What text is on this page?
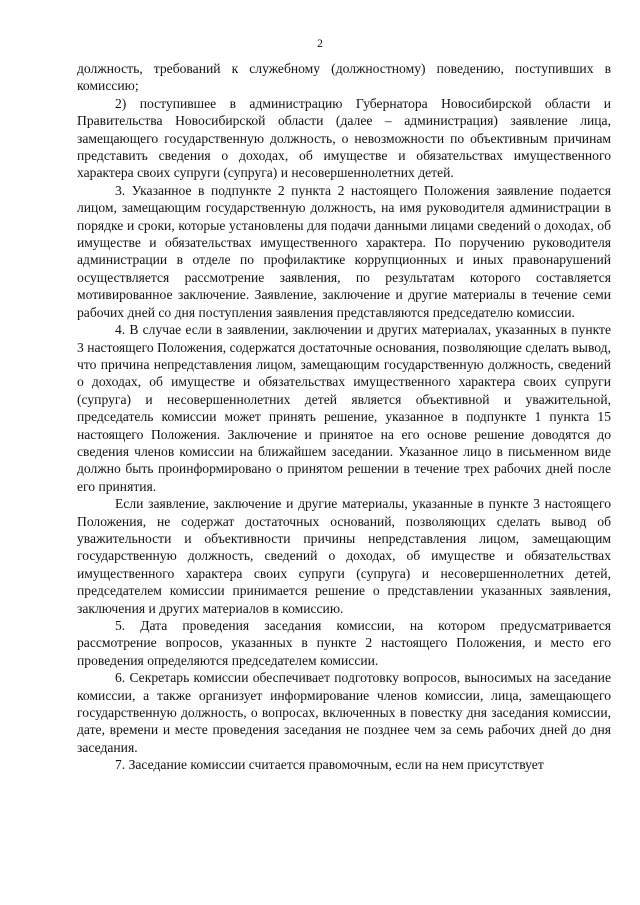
2

должность, требований к служебному (должностному) поведению, поступивших в комиссию;

2) поступившее в администрацию Губернатора Новосибирской области и Правительства Новосибирской области (далее – администрация) заявление лица, замещающего государственную должность, о невозможности по объективным причинам представить сведения о доходах, об имуществе и обязательствах имущественного характера своих супруги (супруга) и несовершеннолетних детей.

3. Указанное в подпункте 2 пункта 2 настоящего Положения заявление подается лицом, замещающим государственную должность, на имя руководителя администрации в порядке и сроки, которые установлены для подачи данными лицами сведений о доходах, об имуществе и обязательствах имущественного характера. По поручению руководителя администрации в отделе по профилактике коррупционных и иных правонарушений осуществляется рассмотрение заявления, по результатам которого составляется мотивированное заключение. Заявление, заключение и другие материалы в течение семи рабочих дней со дня поступления заявления представляются председателю комиссии.

4. В случае если в заявлении, заключении и других материалах, указанных в пункте 3 настоящего Положения, содержатся достаточные основания, позволяющие сделать вывод, что причина непредставления лицом, замещающим государственную должность, сведений о доходах, об имуществе и обязательствах имущественного характера своих супруги (супруга) и несовершеннолетних детей является объективной и уважительной, председатель комиссии может принять решение, указанное в подпункте 1 пункта 15 настоящего Положения. Заключение и принятое на его основе решение доводятся до сведения членов комиссии на ближайшем заседании. Указанное лицо в письменном виде должно быть проинформировано о принятом решении в течение трех рабочих дней после его принятия.

Если заявление, заключение и другие материалы, указанные в пункте 3 настоящего Положения, не содержат достаточных оснований, позволяющих сделать вывод об уважительности и объективности причины непредставления лицом, замещающим государственную должность, сведений о доходах, об имуществе и обязательствах имущественного характера своих супруги (супруга) и несовершеннолетних детей, председателем комиссии принимается решение о представлении указанных заявления, заключения и других материалов в комиссию.

5. Дата проведения заседания комиссии, на котором предусматривается рассмотрение вопросов, указанных в пункте 2 настоящего Положения, и место его проведения определяются председателем комиссии.

6. Секретарь комиссии обеспечивает подготовку вопросов, выносимых на заседание комиссии, а также организует информирование членов комиссии, лица, замещающего государственную должность, о вопросах, включенных в повестку дня заседания комиссии, дате, времени и месте проведения заседания не позднее чем за семь рабочих дней до дня заседания.

7. Заседание комиссии считается правомочным, если на нем присутствует
